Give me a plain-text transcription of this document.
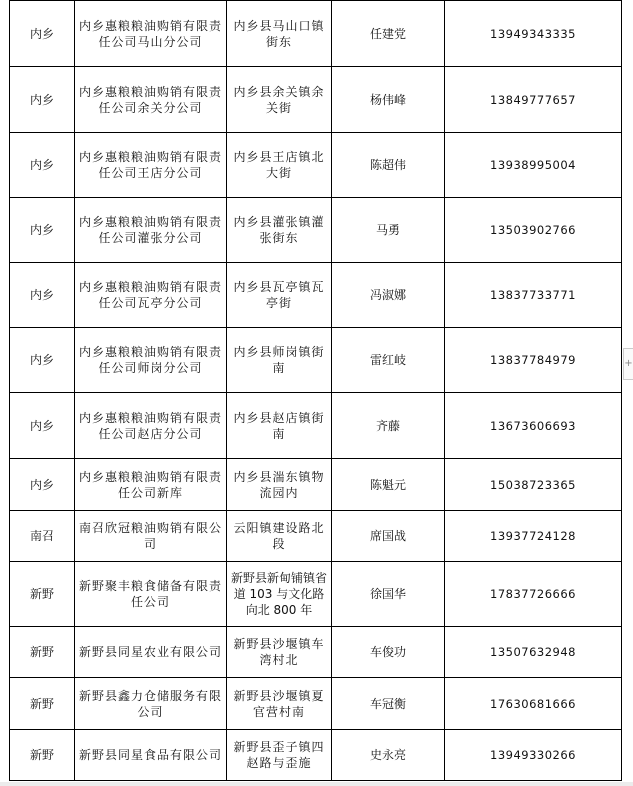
内乡	内乡惠粮粮油购销有限责任公司马山分公司	内乡县马山口镇街东	任建党	13949343335
内乡	内乡惠粮粮油购销有限责任公司余关分公司	内乡县余关镇余关街	杨伟峰	13849777657
内乡	内乡惠粮粮油购销有限责任公司王店分公司	内乡县王店镇北大街	陈超伟	13938995004
内乡	内乡惠粮粮油购销有限责任公司灌张分公司	内乡县灌张镇灌张街东	马勇	13503902766
内乡	内乡惠粮粮油购销有限责任公司瓦亭分公司	内乡县瓦亭镇瓦亭街	冯淑娜	13837733771
内乡	内乡惠粮粮油购销有限责任公司师岗分公司	内乡县师岗镇街南	雷红岐	13837784979
内乡	内乡惠粮粮油购销有限责任公司赵店分公司	内乡县赵店镇街南	齐藤	13673606693
内乡	内乡惠粮粮油购销有限责任公司新库	内乡县湍东镇物流园内	陈魁元	15038723365
南召	南召欣冠粮油购销有限公司	云阳镇建设路北段	席国战	13937724128
新野	新野聚丰粮食储备有限责任公司	新野县新甸铺镇省道 103 与文化路向北 800 年	徐国华	17837726666
新野	新野县同星农业有限公司	新野县沙堰镇车湾村北	车俊功	13507632948
新野	新野县鑫力仓储服务有限公司	新野县沙堰镇夏官营村南	车冠衡	17630681666
新野	新野县同星食品有限公司	新野县歪子镇四赵路与歪施	史永亮	13949330266
+
